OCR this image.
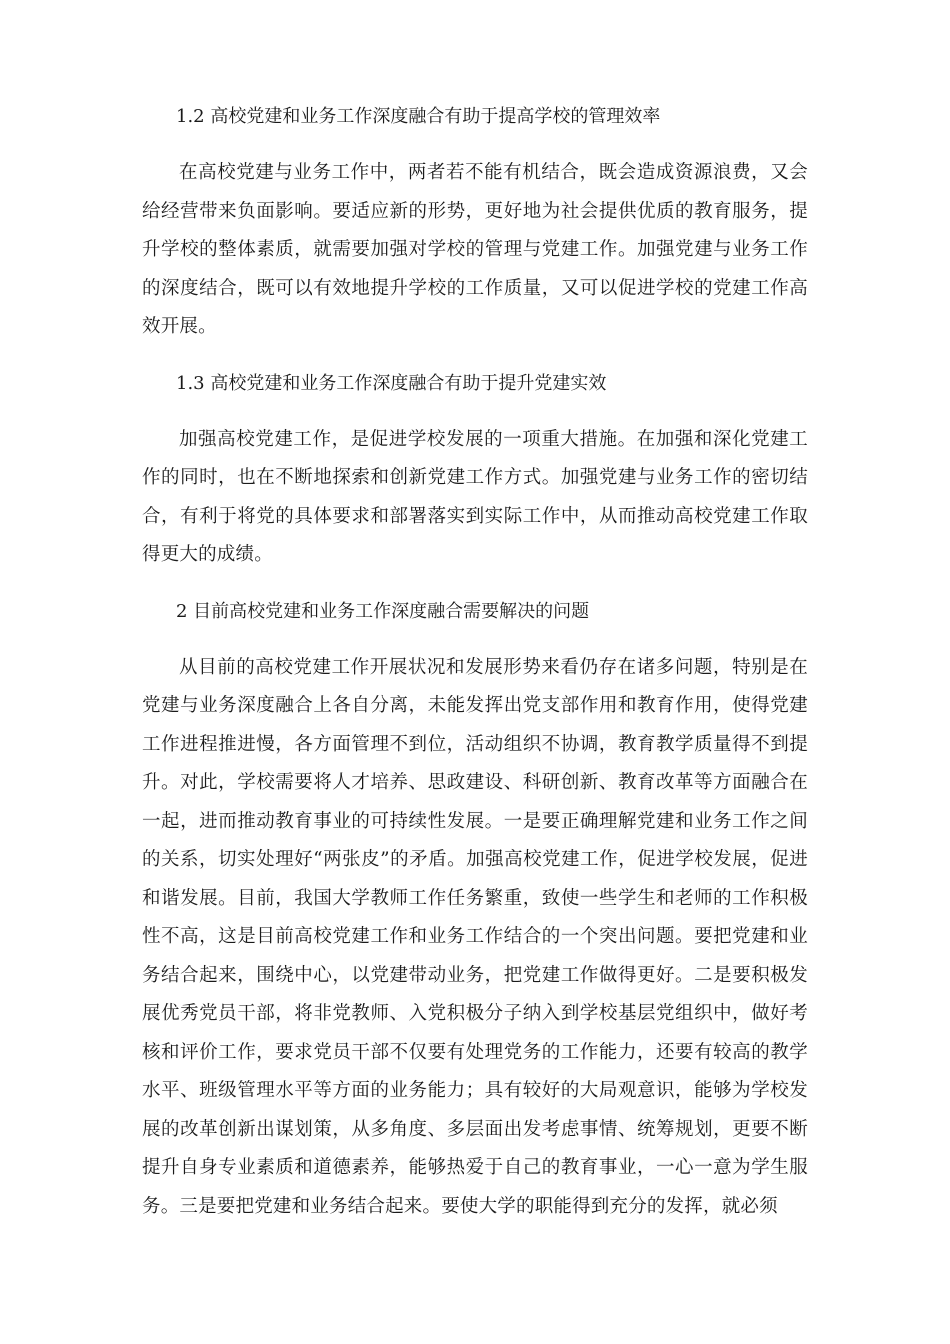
1.2 高校党建和业务工作深度融合有助于提高学校的管理效率

在高校党建与业务工作中，两者若不能有机结合，既会造成资源浪费，又会给经营带来负面影响。要适应新的形势，更好地为社会提供优质的教育服务，提升学校的整体素质，就需要加强对学校的管理与党建工作。加强党建与业务工作的深度结合，既可以有效地提升学校的工作质量，又可以促进学校的党建工作高效开展。

1.3 高校党建和业务工作深度融合有助于提升党建实效

加强高校党建工作，是促进学校发展的一项重大措施。在加强和深化党建工作的同时，也在不断地探索和创新党建工作方式。加强党建与业务工作的密切结合，有利于将党的具体要求和部署落实到实际工作中，从而推动高校党建工作取得更大的成绩。

2 目前高校党建和业务工作深度融合需要解决的问题

从目前的高校党建工作开展状况和发展形势来看仍存在诸多问题，特别是在党建与业务深度融合上各自分离，未能发挥出党支部作用和教育作用，使得党建工作进程推进慢，各方面管理不到位，活动组织不协调，教育教学质量得不到提升。对此，学校需要将人才培养、思政建设、科研创新、教育改革等方面融合在一起，进而推动教育事业的可持续性发展。一是要正确理解党建和业务工作之间的关系，切实处理好“两张皮”的矛盾。加强高校党建工作，促进学校发展，促进和谐发展。目前，我国大学教师工作任务繁重，致使一些学生和老师的工作积极性不高，这是目前高校党建工作和业务工作结合的一个突出问题。要把党建和业务结合起来，围绕中心，以党建带动业务，把党建工作做得更好。二是要积极发展优秀党员干部，将非党教师、入党积极分子纳入到学校基层党组织中，做好考核和评价工作，要求党员干部不仅要有处理党务的工作能力，还要有较高的教学水平、班级管理水平等方面的业务能力；具有较好的大局观意识，能够为学校发展的改革创新出谋划策，从多角度、多层面出发考虑事情、统筹规划，更要不断提升自身专业素质和道德素养，能够热爱于自己的教育事业，一心一意为学生服务。三是要把党建和业务结合起来。要使大学的职能得到充分的发挥，就必须
